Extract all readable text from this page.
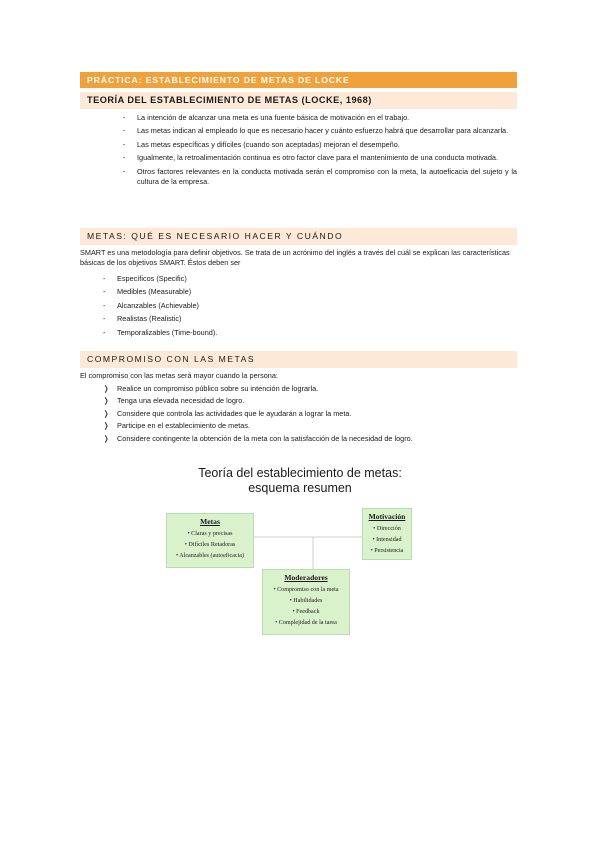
PRÁCTICA: ESTABLECIMIENTO DE METAS DE LOCKE
TEORÍA DEL ESTABLECIMIENTO DE METAS (LOCKE, 1968)
- La intención de alcanzar una meta es una fuente básica de motivación en el trabajo.
- Las metas indican al empleado lo que es necesario hacer y cuánto esfuerzo habrá que desarrollar para alcanzarla.
- Las metas específicas y difíciles (cuando son aceptadas) mejoran el desempeño.
- Igualmente, la retroalimentación continua es otro factor clave para el mantenimiento de una conducta motivada.
- Otros factores relevantes en la conducta motivada serán el compromiso con la meta, la autoeficacia del sujeto y la cultura de la empresa.
METAS: QUÉ ES NECESARIO HACER Y CUÁNDO

SMART es una metodología para definir objetivos. Se trata de un acrónimo del inglés a través del cuál se explican las características básicas de los objetivos SMART. Éstos deben ser

- Específicos (Specific)
- Medibles (Measurable)
- Alcanzables (Achievable)
- Realistas (Realistic)
- Temporalizables (Time-bound).
COMPROMISO CON LAS METAS

El compromiso con las metas será mayor cuando la persona:

❭ Realice un compromiso público sobre su intención de lograrla.
❭ Tenga una elevada necesidad de logro.
❭ Considere que controla las actividades que le ayudarán a lograr la meta.
❭ Participe en el establecimiento de metas.
❭ Considere contingente la obtención de la meta con la satisfacción de la necesidad de logro.
Teoría del establecimiento de metas:
esquema resumen
Metas
• Claras y precisas
• Difíciles Retadoras
• Alcanzables (autoeficacia)
Motivación
• Dirección
• Intensidad
• Persistencia
Moderadores
• Compromiso con la meta
• Habilidades
• Feedback
• Complejidad de la tarea
